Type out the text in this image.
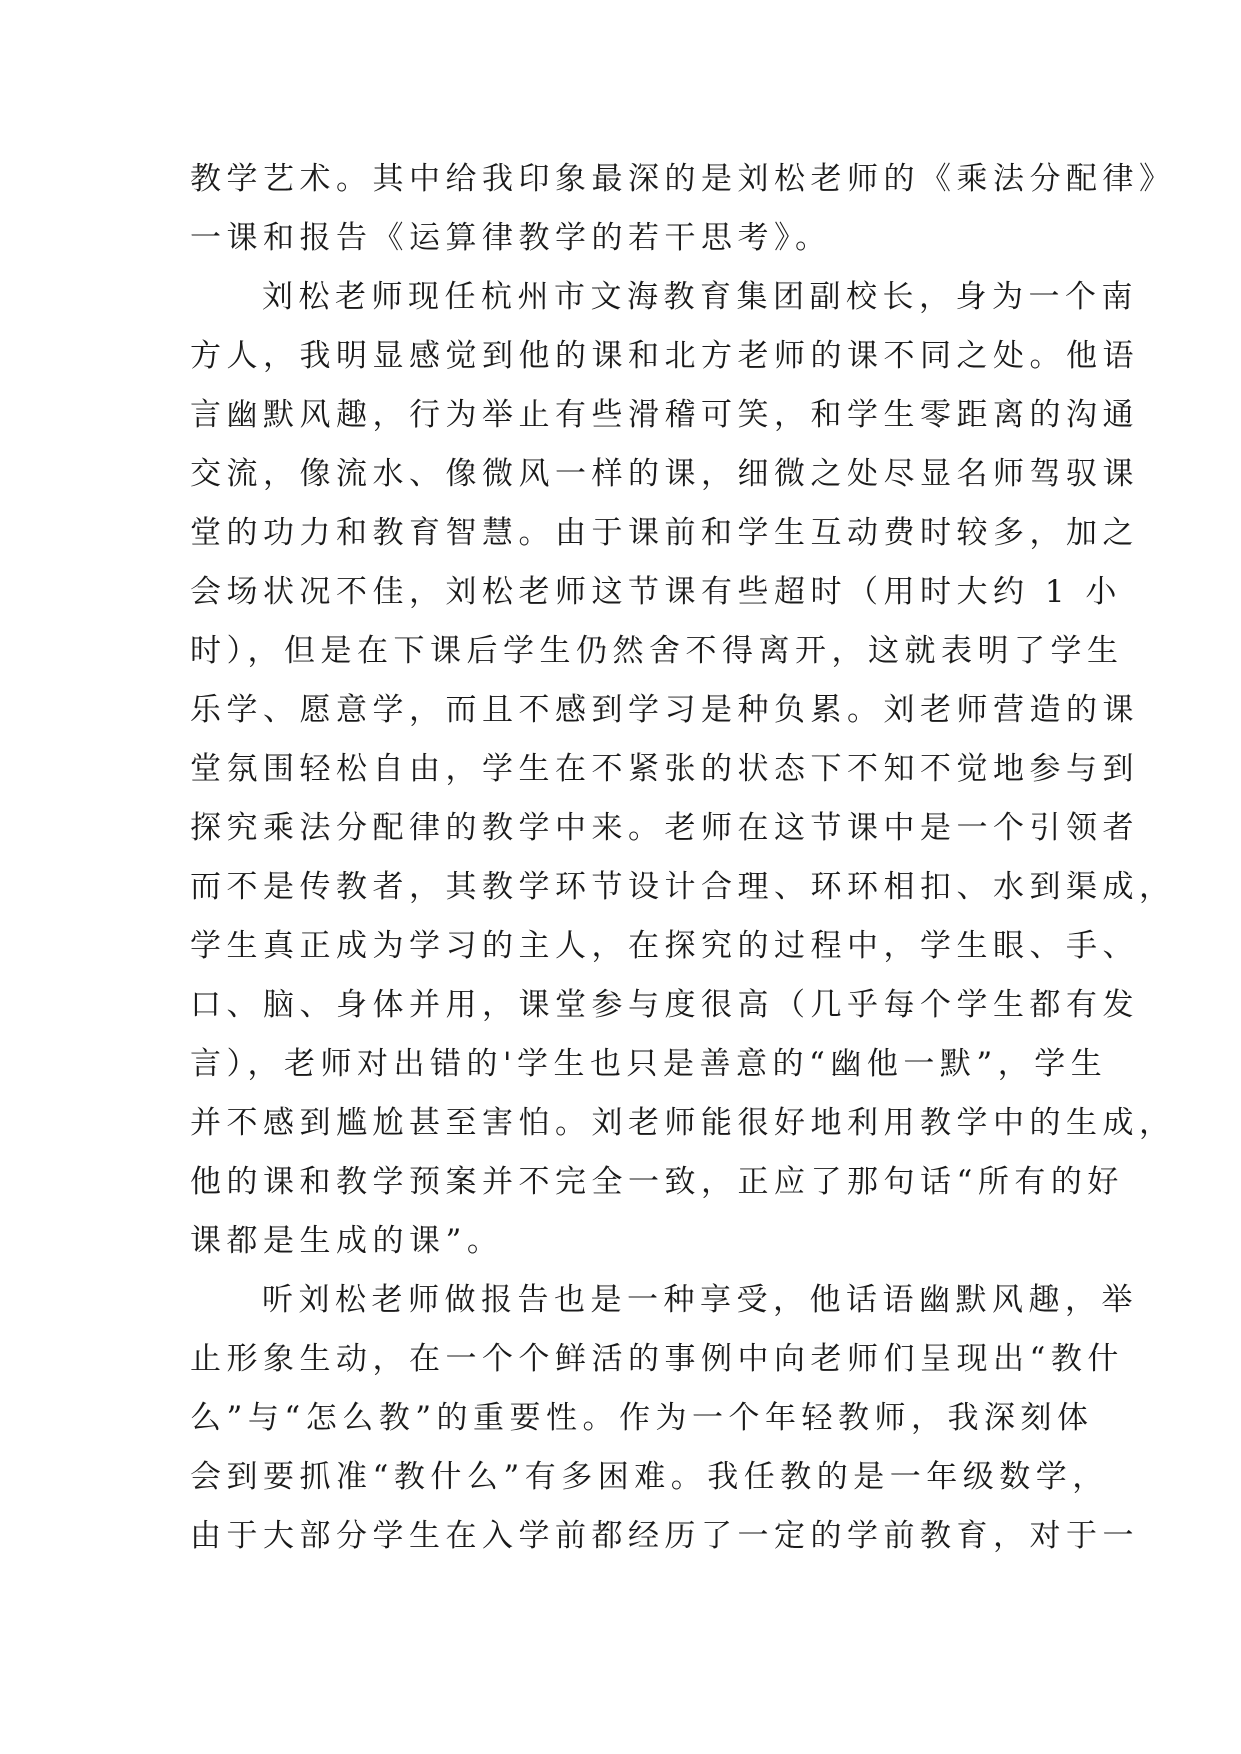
教学艺术。其中给我印象最深的是刘松老师的《乘法分配律》
一课和报告《运算律教学的若干思考》。
刘松老师现任杭州市文海教育集团副校长，身为一个南
方人，我明显感觉到他的课和北方老师的课不同之处。他语
言幽默风趣，行为举止有些滑稽可笑，和学生零距离的沟通
交流，像流水、像微风一样的课，细微之处尽显名师驾驭课
堂的功力和教育智慧。由于课前和学生互动费时较多，加之
会场状况不佳，刘松老师这节课有些超时（用时大约 1 小
时），但是在下课后学生仍然舍不得离开，这就表明了学生
乐学、愿意学，而且不感到学习是种负累。刘老师营造的课
堂氛围轻松自由，学生在不紧张的状态下不知不觉地参与到
探究乘法分配律的教学中来。老师在这节课中是一个引领者
而不是传教者，其教学环节设计合理、环环相扣、水到渠成，
学生真正成为学习的主人，在探究的过程中，学生眼、手、
口、脑、身体并用，课堂参与度很高（几乎每个学生都有发
言），老师对出错的'学生也只是善意的“幽他一默”，学生
并不感到尴尬甚至害怕。刘老师能很好地利用教学中的生成，
他的课和教学预案并不完全一致，正应了那句话“所有的好
课都是生成的课”。
听刘松老师做报告也是一种享受，他话语幽默风趣，举
止形象生动，在一个个鲜活的事例中向老师们呈现出“教什
么”与“怎么教”的重要性。作为一个年轻教师，我深刻体
会到要抓准“教什么”有多困难。我任教的是一年级数学，
由于大部分学生在入学前都经历了一定的学前教育，对于一
